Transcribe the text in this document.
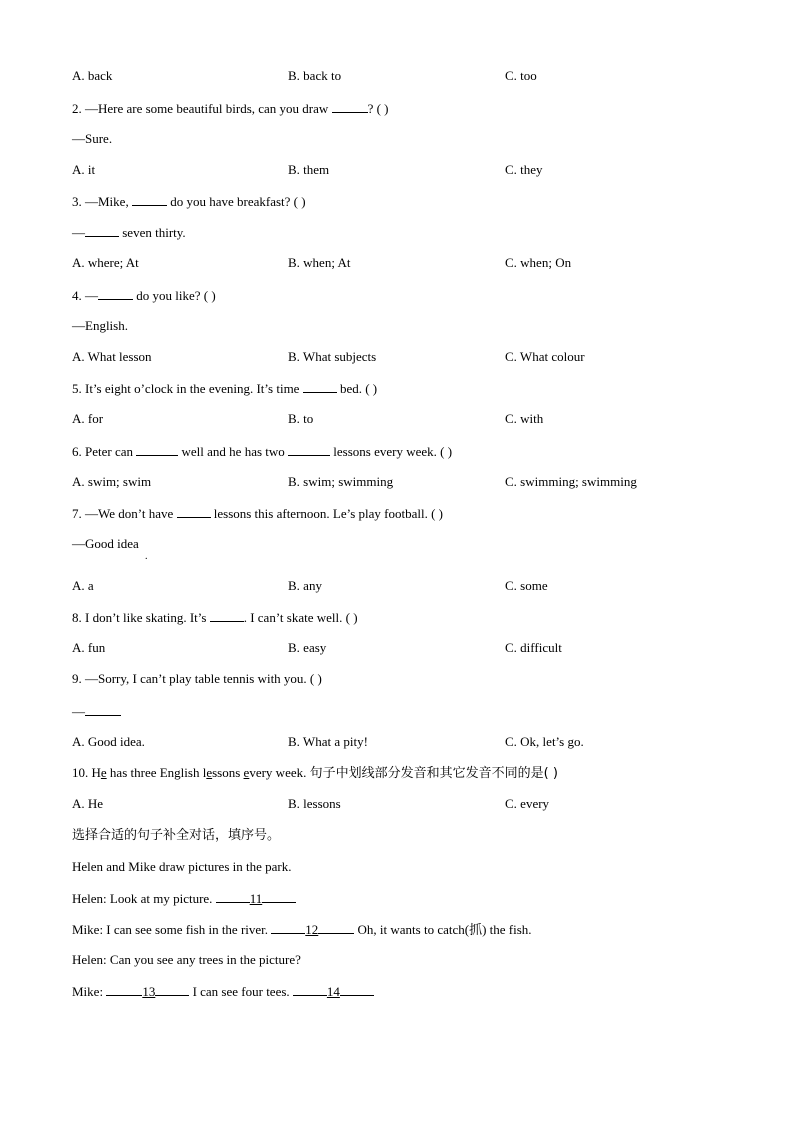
A. back	B. back to	C. too
2. —Here are some beautiful birds, can you draw	? ( )
—Sure.
A. it	B. them	C. they
3. —Mike,	do you have breakfast? ( )
—	seven thirty.
A. where; At	B. when; At	C. when; On
4. —	do you like? ( )
—English.
A. What lesson	B. What subjects	C. What colour
5. It’s eight o’clock in the evening. It’s time	bed. ( )
A. for	B. to	C. with
6. Peter can	well and he has two	lessons every week. ( )
A. swim; swim	B. swim; swimming	C. swimming; swimming
7. —We don’t have	lessons this afternoon. Le’s play football. ( )
—Good idea
.
A. a	B. any	C. some
8. I don’t like skating. It’s	. I can’t skate well. ( )
A. fun	B. easy	C. difficult
9. —Sorry, I can’t play table tennis with you. ( )
—
A. Good idea.	B. What a pity!	C. Ok, let’s go.
10. He has three English lessons every week. 句子中划线部分发音和其它发音不同的是( )
A. He	B. lessons	C. every
选择合适的句子补全对话，填序号。
Helen and Mike draw pictures in the park.
Helen: Look at my picture.	11
Mike: I can see some fish in the river.	12	Oh, it wants to catch(抓) the fish.
Helen: Can you see any trees in the picture?
Mike:	13	I can see four tees.	14
